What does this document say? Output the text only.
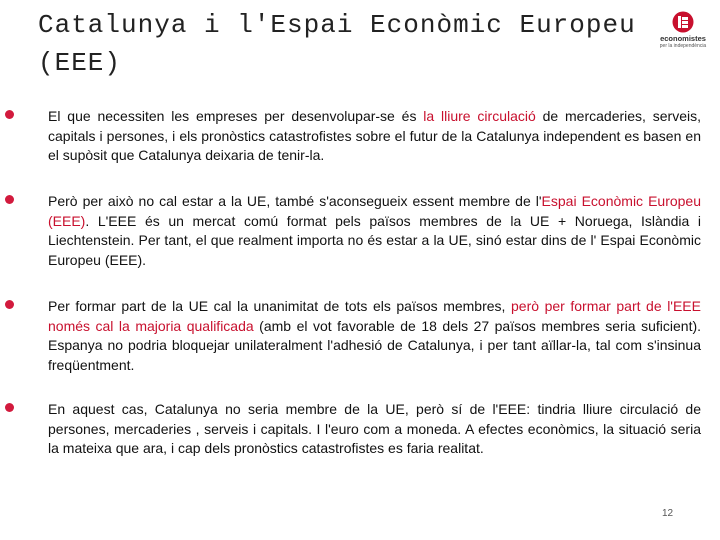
Catalunya i l'Espai Econòmic Europeu (EEE)
economistes
per la independència

El que necessiten les empreses per desenvolupar-se és la lliure circulació de mercaderies, serveis, capitals i persones, i els pronòstics catastrofistes sobre el futur de la Catalunya independent es basen en el supòsit que Catalunya deixaria de tenir-la.

Però per això no cal estar a la UE, també s'aconsegueix essent membre de l'Espai Econòmic Europeu (EEE). L'EEE és un mercat comú format pels països membres de la UE + Noruega, Islàndia i Liechtenstein. Per tant, el que realment importa no és estar a la UE, sinó estar dins de l' Espai Econòmic Europeu (EEE).

Per formar part de la UE cal la unanimitat de tots els països membres, però per formar part de l'EEE només cal la majoria qualificada (amb el vot favorable de 18 dels 27 països membres seria suficient). Espanya no podria bloquejar unilateralment l'adhesió de Catalunya, i per tant aïllar-la, tal com s'insinua freqüentment.

En aquest cas, Catalunya no seria membre de la UE, però sí de l'EEE: tindria lliure circulació de persones, mercaderies , serveis i capitals. I l'euro com a moneda. A efectes econòmics, la situació seria la mateixa que ara, i cap dels pronòstics catastrofistes es faria realitat.

12
